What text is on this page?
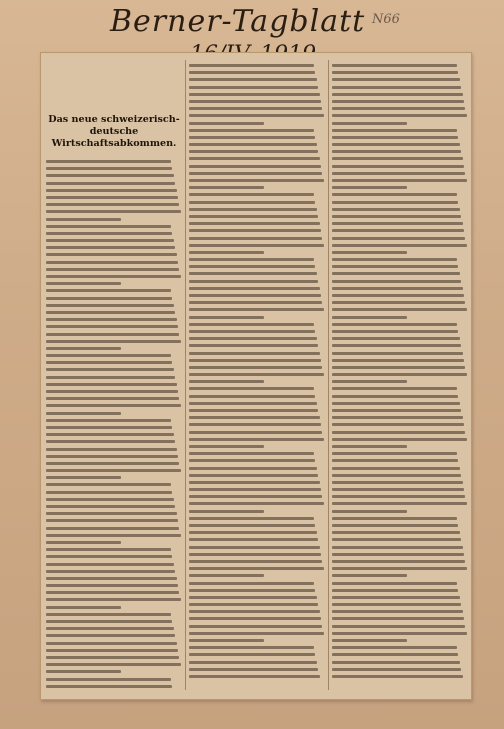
Berner-Tagblatt N66
Das neue schweizerisch-deutsche
Wirtschaftsabkommen.
